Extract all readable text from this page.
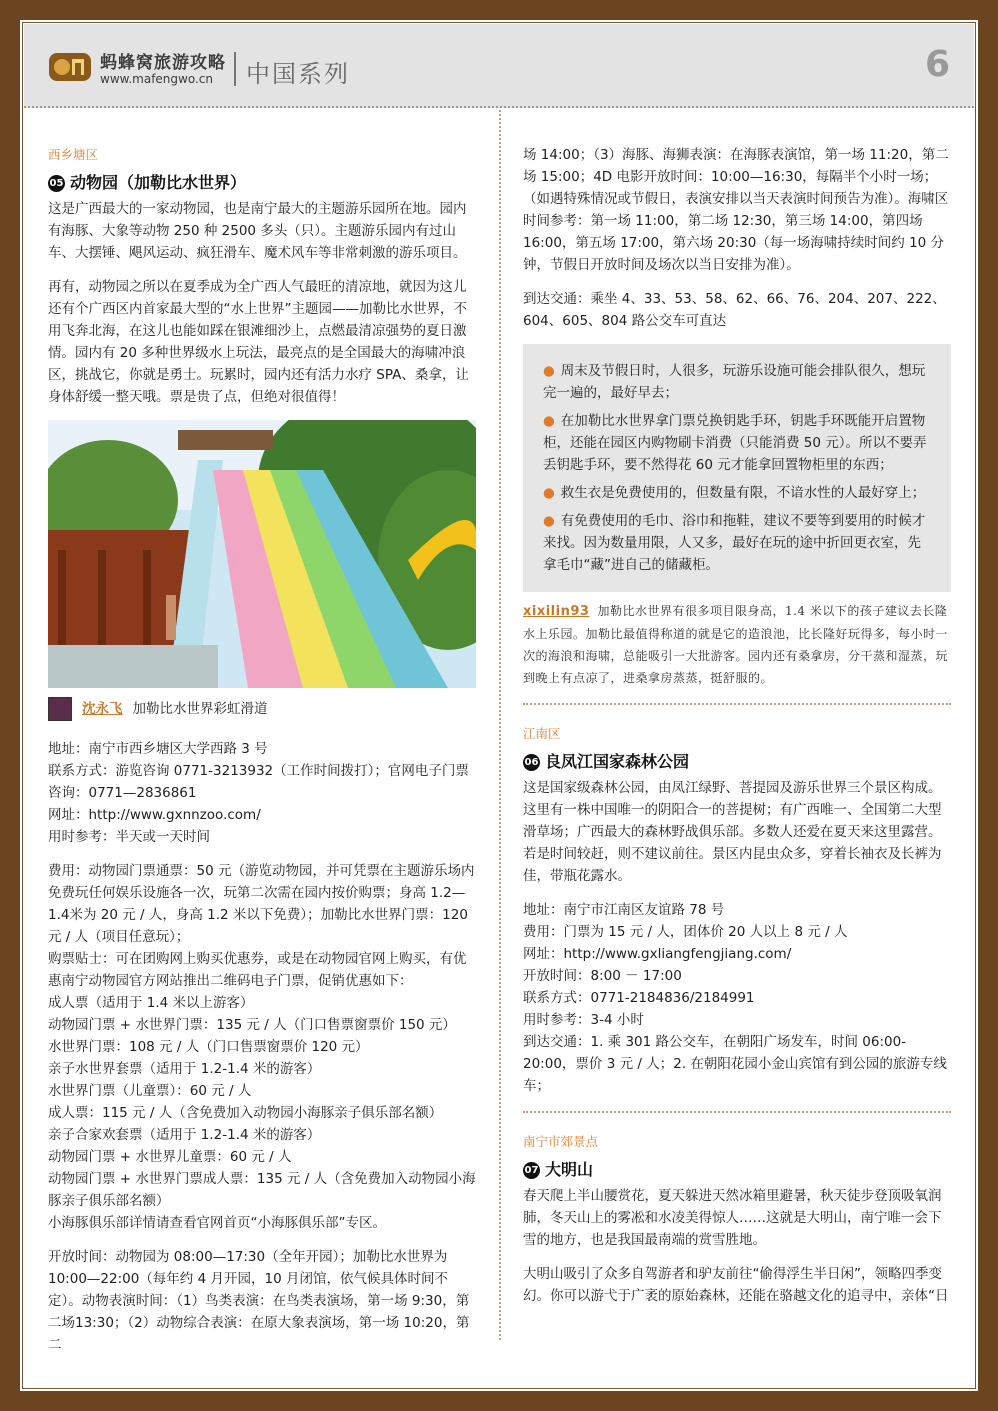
蚂蜂窝旅游攻略
www.mafengwo.cn 中国系列	6
西乡塘区
05 动物园（加勒比水世界）

这是广西最大的一家动物园，也是南宁最大的主题游乐园所在地。园内有海豚、大象等动物 250 种 2500 多头（只）。主题游乐园内有过山车、大摆锤、飓风运动、疯狂滑车、魔术风车等非常刺激的游乐项目。

再有，动物园之所以在夏季成为全广西人气最旺的清凉地，就因为这儿还有个广西区内首家最大型的“水上世界”主题园——加勒比水世界，不用飞奔北海，在这儿也能如踩在银滩细沙上，点燃最清凉强势的夏日激情。园内有 20 多种世界级水上玩法，最亮点的是全国最大的海啸冲浪区，挑战它，你就是勇士。玩累时，园内还有活力水疗 SPA、桑拿，让身体舒缓一整天哦。票是贵了点，但绝对很值得！

沈永飞 加勒比水世界彩虹滑道

地址：南宁市西乡塘区大学西路 3 号

联系方式：游览咨询 0771-3213932（工作时间拨打）；官网电子门票咨询：0771—2836861

网址：http://www.gxnnzoo.com/

用时参考：半天或一天时间

费用：动物园门票通票：50 元（游览动物园，并可凭票在主题游乐场内免费玩任何娱乐设施各一次，玩第二次需在园内按价购票；身高 1.2—1.4米为 20 元 / 人，身高 1.2 米以下免费）；加勒比水世界门票：120 元 / 人（项目任意玩）；

购票贴士：可在团购网上购买优惠券，或是在动物园官网上购买，有优惠南宁动物园官方网站推出二维码电子门票，促销优惠如下：

成人票（适用于 1.4 米以上游客）

动物园门票 + 水世界门票：135 元 / 人（门口售票窗票价 150 元）

水世界门票：108 元 / 人（门口售票窗票价 120 元）

亲子水世界套票（适用于 1.2-1.4 米的游客）

水世界门票（儿童票）：60 元 / 人

成人票：115 元 / 人（含免费加入动物园小海豚亲子俱乐部名额）

亲子合家欢套票（适用于 1.2-1.4 米的游客）

动物园门票 + 水世界儿童票：60 元 / 人

动物园门票 + 水世界门票成人票：135 元 / 人（含免费加入动物园小海豚亲子俱乐部名额）

小海豚俱乐部详情请查看官网首页“小海豚俱乐部”专区。

开放时间：动物园为 08:00—17:30（全年开园）；加勒比水世界为10:00—22:00（每年约 4 月开园，10 月闭馆，依气候具体时间不定）。动物表演时间：（1）鸟类表演：在鸟类表演场，第一场 9:30，第二场13:30；（2）动物综合表演：在原大象表演场，第一场 10:20，第二

场 14:00；（3）海豚、海狮表演：在海豚表演馆，第一场 11:20，第二场 15:00；4D 电影开放时间：10:00—16:30，每隔半个小时一场；（如遇特殊情况或节假日，表演安排以当天表演时间预告为准）。海啸区时间参考：第一场 11:00，第二场 12:30，第三场 14:00，第四场16:00，第五场 17:00，第六场 20:30（每一场海啸持续时间约 10 分钟，节假日开放时间及场次以当日安排为准）。

到达交通：乘坐 4、33、53、58、62、66、76、204、207、222、604、605、804 路公交车可直达

● 周末及节假日时，人很多，玩游乐设施可能会排队很久，想玩完一遍的，最好早去；

● 在加勒比水世界拿门票兑换钥匙手环，钥匙手环既能开启置物柜，还能在园区内购物刷卡消费（只能消费 50 元）。所以不要弄丢钥匙手环，要不然得花 60 元才能拿回置物柜里的东西；

● 救生衣是免费使用的，但数量有限，不谙水性的人最好穿上；

● 有免费使用的毛巾、浴巾和拖鞋，建议不要等到要用的时候才来找。因为数量用限，人又多，最好在玩的途中折回更衣室，先拿毛巾“藏”进自己的储藏柜。

xixilin93 加勒比水世界有很多项目限身高，1.4 米以下的孩子建议去长隆水上乐园。加勒比最值得称道的就是它的造浪池，比长隆好玩得多，每小时一次的海浪和海啸，总能吸引一大批游客。园内还有桑拿房，分干蒸和湿蒸，玩到晚上有点凉了，进桑拿房蒸蒸，挺舒服的。

江南区
06 良凤江国家森林公园

这是国家级森林公园，由凤江绿野、菩提园及游乐世界三个景区构成。这里有一株中国唯一的阴阳合一的菩提树；有广西唯一、全国第二大型滑草场；广西最大的森林野战俱乐部。多数人还爱在夏天来这里露营。若是时间较赶，则不建议前往。景区内昆虫众多，穿着长袖衣及长裤为佳，带瓶花露水。

地址：南宁市江南区友谊路 78 号

费用：门票为 15 元 / 人，团体价 20 人以上 8 元 / 人

网址：http://www.gxliangfengjiang.com/

开放时间：8:00 － 17:00

联系方式：0771-2184836/2184991

用时参考：3-4 小时

到达交通：1. 乘 301 路公交车，在朝阳广场发车，时间 06:00-20:00，票价 3 元 / 人；2. 在朝阳花园小金山宾馆有到公园的旅游专线车；

南宁市郊景点
07 大明山

春天爬上半山腰赏花，夏天躲进天然冰箱里避暑，秋天徒步登顶吸氧润肺，冬天山上的雾凇和水凌美得惊人……这就是大明山，南宁唯一会下雪的地方，也是我国最南端的赏雪胜地。

大明山吸引了众多自驾游者和驴友前往“偷得浮生半日闲”，领略四季变幻。你可以游弋于广袤的原始森林，还能在骆越文化的追寻中，亲体“日
